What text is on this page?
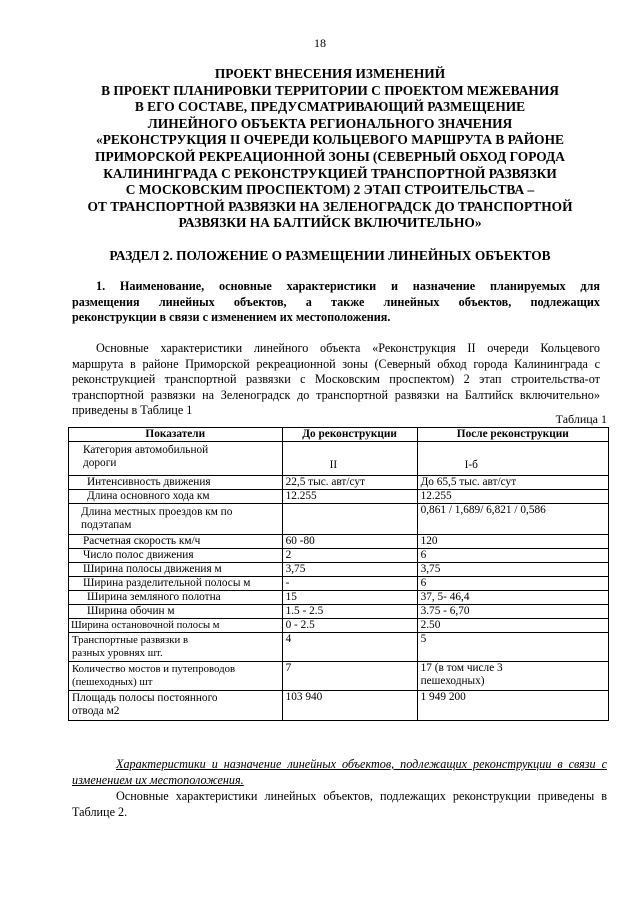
18
ПРОЕКТ ВНЕСЕНИЯ ИЗМЕНЕНИЙ
В ПРОЕКТ ПЛАНИРОВКИ ТЕРРИТОРИИ С ПРОЕКТОМ МЕЖЕВАНИЯ
В ЕГО СОСТАВЕ, ПРЕДУСМАТРИВАЮЩИЙ РАЗМЕЩЕНИЕ
ЛИНЕЙНОГО ОБЪЕКТА РЕГИОНАЛЬНОГО ЗНАЧЕНИЯ
«РЕКОНСТРУКЦИЯ II ОЧЕРЕДИ КОЛЬЦЕВОГО МАРШРУТА В РАЙОНЕ
ПРИМОРСКОЙ РЕКРЕАЦИОННОЙ ЗОНЫ (СЕВЕРНЫЙ ОБХОД ГОРОДА
КАЛИНИНГРАДА С РЕКОНСТРУКЦИЕЙ ТРАНСПОРТНОЙ РАЗВЯЗКИ
С МОСКОВСКИМ ПРОСПЕКТОМ) 2 ЭТАП СТРОИТЕЛЬСТВА –
ОТ ТРАНСПОРТНОЙ РАЗВЯЗКИ НА ЗЕЛЕНОГРАДСК ДО ТРАНСПОРТНОЙ
РАЗВЯЗКИ НА БАЛТИЙСК ВКЛЮЧИТЕЛЬНО»
РАЗДЕЛ 2. ПОЛОЖЕНИЕ О РАЗМЕЩЕНИИ ЛИНЕЙНЫХ ОБЪЕКТОВ
1. Наименование, основные характеристики и назначение планируемых для
размещения линейных объектов, а также линейных объектов, подлежащих
реконструкции в связи с изменением их местоположения.
Основные характеристики линейного объекта «Реконструкция II очереди Кольцевого
маршрута в районе Приморской рекреационной зоны (Северный обход города Калининграда с
реконструкцией транспортной развязки с Московским проспектом) 2 этап строительства-от
транспортной развязки на Зеленоградск до транспортной развязки на Балтийск включительно»
приведены в Таблице 1
Таблица 1
Показатели	До реконструкции	После реконструкции

Категория автомобильной дороги	II	I-б
Интенсивность движения	22,5 тыс. авт/сут	До 65,5 тыс. авт/сут
Длина основного хода км	12.255	12.255

Длина местных проездов км по подэтапам		0,861 / 1,689/ 6,821 / 0,586
Расчетная скорость км/ч	60 -80	120
Число полос движения	2	6
Ширина полосы движения м	3,75	3,75
Ширина разделительной полосы м	-	6
Ширина земляного полотна	15	37, 5- 46,4
Ширина обочин м	1.5 - 2.5	3.75 - 6,70
Ширина остановочной полосы м	0 - 2.5	2.50

Транспортные развязки в разных уровнях шт.	4	5

Количество мостов и путепроводов (пешеходных) шт	7	17 (в том числе 3 пешеходных)

Площадь полосы постоянного отвода м2	103 940	1 949 200
Характеристики и назначение линейных объектов, подлежащих реконструкции в связи с
изменением их местоположения.
Основные характеристики линейных объектов, подлежащих реконструкции приведены в
Таблице 2.
